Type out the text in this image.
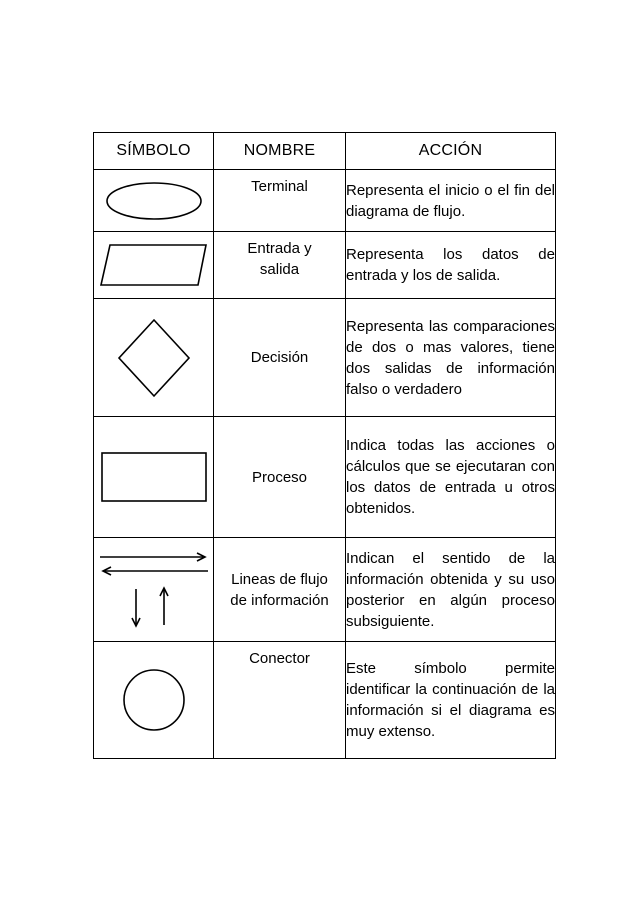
SÍMBOLO	NOMBRE	ACCIÓN

Terminal	Representa el inicio o el fin del diagrama de flujo.

Entrada y
salida	Representa los datos de entrada y los de salida.

Decisión	Representa las comparaciones de dos o mas valores, tiene dos salidas de información falso o verdadero

Proceso	Indica todas las acciones o cálculos que se ejecutaran con los datos de entrada u otros obtenidos.

Lineas de flujo
de información	Indican el sentido de la información obtenida y su uso posterior en algún proceso subsiguiente.

Conector	Este símbolo permite identificar la continuación de la información si el diagrama es muy extenso.
